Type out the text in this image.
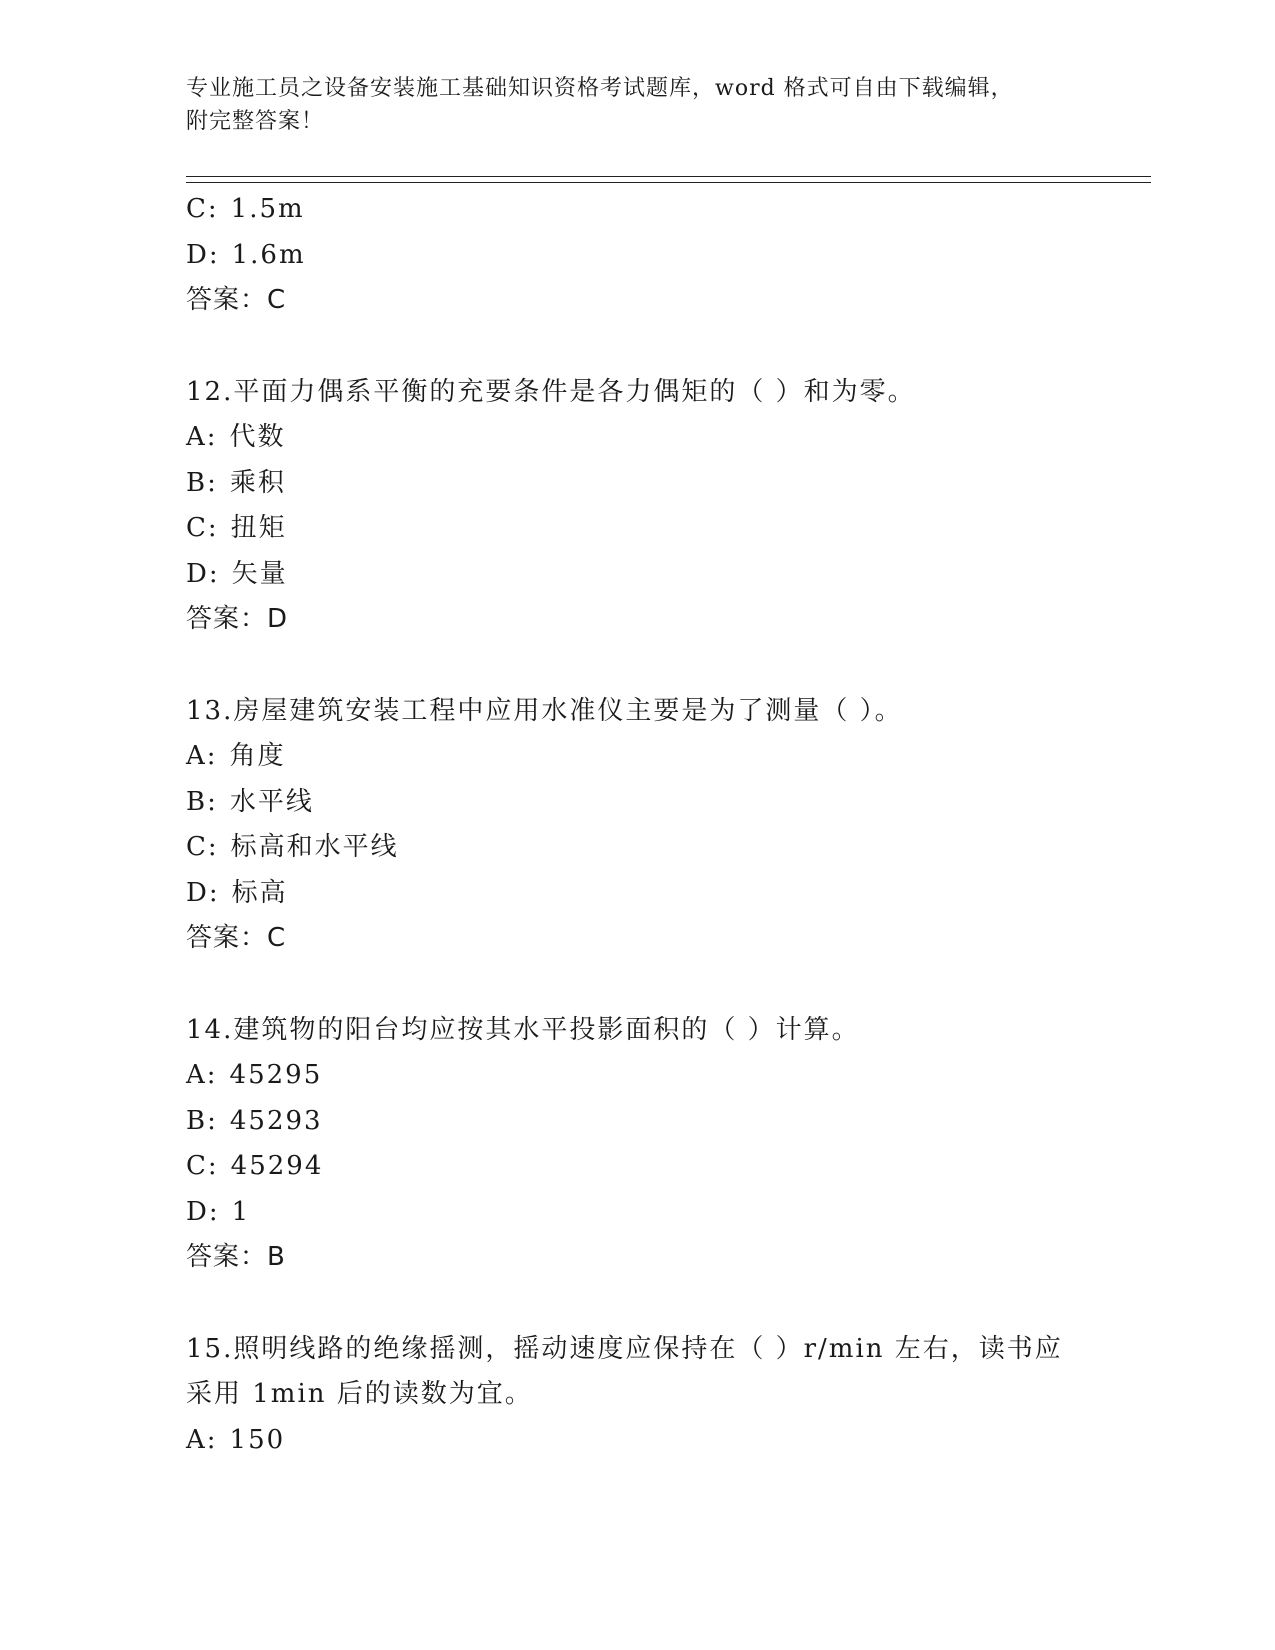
专业施工员之设备安装施工基础知识资格考试题库，word 格式可自由下载编辑，

附完整答案！

C: 1.5m
D: 1.6m
答案：C
12.平面力偶系平衡的充要条件是各力偶矩的（ ）和为零。
A: 代数
B: 乘积
C: 扭矩
D: 矢量
答案：D
13.房屋建筑安装工程中应用水准仪主要是为了测量（ ）。
A: 角度
B: 水平线
C: 标高和水平线
D: 标高
答案：C
14.建筑物的阳台均应按其水平投影面积的（ ）计算。
A: 45295
B: 45293
C: 45294
D: 1
答案：B
15.照明线路的绝缘摇测，摇动速度应保持在（ ）r/min 左右，读书应
采用 1min 后的读数为宜。
A: 150
